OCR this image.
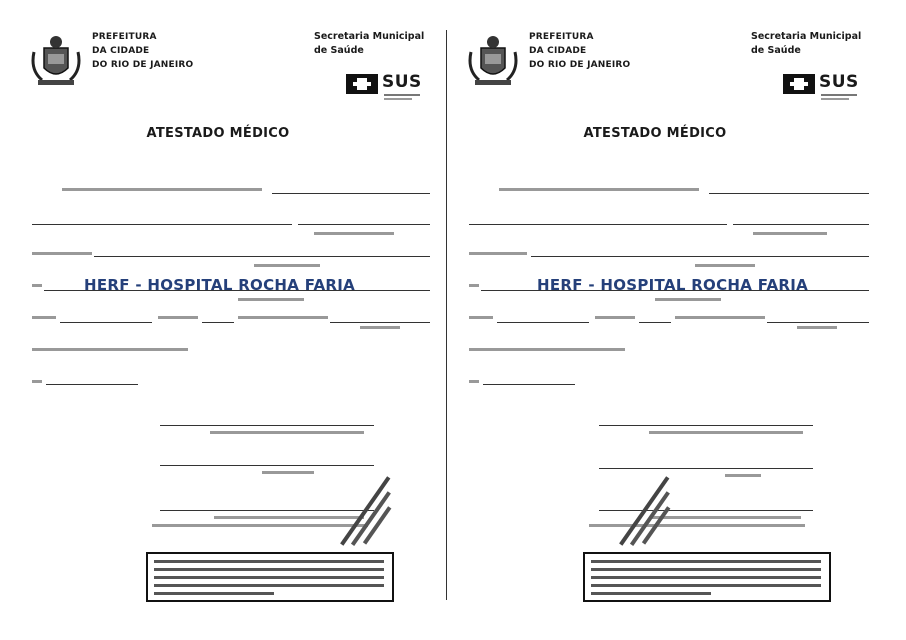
PREFEITURA
DA CIDADE
DO RIO DE JANEIRO
Secretaria Municipal
de Saúde
SUS
ATESTADO MÉDICO
HERF - HOSPITAL ROCHA FARIA
PREFEITURA
DA CIDADE
DO RIO DE JANEIRO
Secretaria Municipal
de Saúde
SUS
ATESTADO MÉDICO
HERF - HOSPITAL ROCHA FARIA
